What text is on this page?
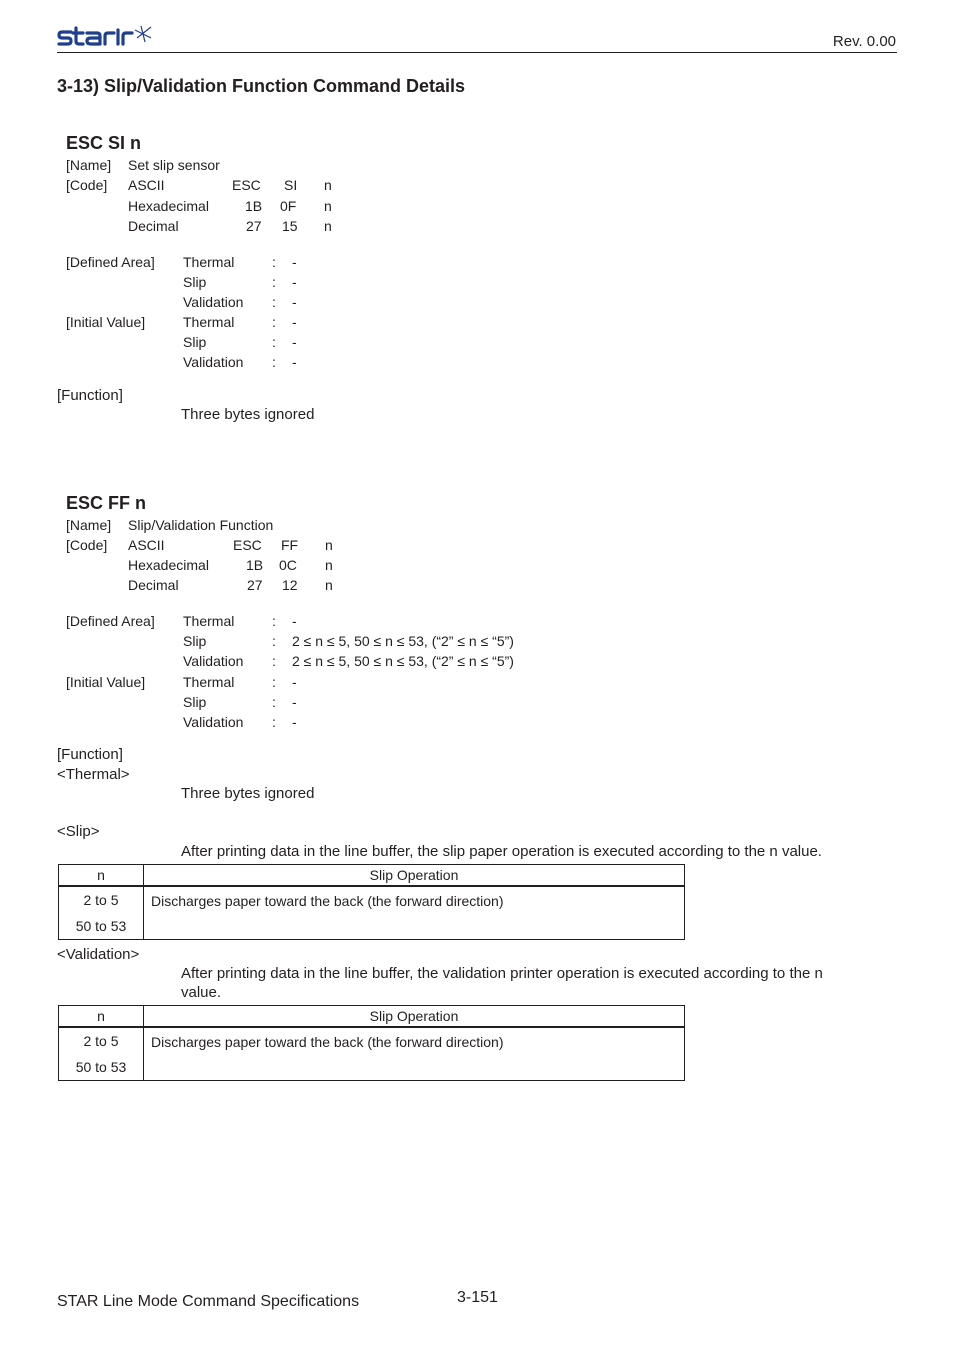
star
Rev. 0.00
3-13) Slip/Validation Function Command Details
ESC SI n
[Name] Set slip sensor
[Code] ASCII	ESC SI n
Hexadecimal	1B 0F n
Decimal	27 15 n
[Defined Area] Thermal	: -
Slip	: -
Validation : -
[Initial Value]	Thermal	: -
Slip	: -
Validation : -
[Function]
Three bytes ignored
ESC FF n
[Name] Slip/Validation Function
[Code] ASCII	ESC FF n
Hexadecimal	1B 0C n
Decimal	27 12 n
[Defined Area] Thermal	: -
Slip	: 2 ≤ n ≤ 5, 50 ≤ n ≤ 53, (“2” ≤ n ≤ “5”)
Validation : 2 ≤ n ≤ 5, 50 ≤ n ≤ 53, (“2” ≤ n ≤ “5”)
[Initial Value]	Thermal	: -
Slip	: -
Validation : -
[Function]
<Thermal>
Three bytes ignored
<Slip>
After printing data in the line buffer, the slip paper operation is executed according to the n value.
n	Slip Operation

2 to 5
50 to 53	Discharges paper toward the back (the forward direction)
<Validation>
After printing data in the line buffer, the validation printer operation is executed according to the n
value.
n	Slip Operation

2 to 5
50 to 53	Discharges paper toward the back (the forward direction)
STAR Line Mode Command Specifications	3-151
